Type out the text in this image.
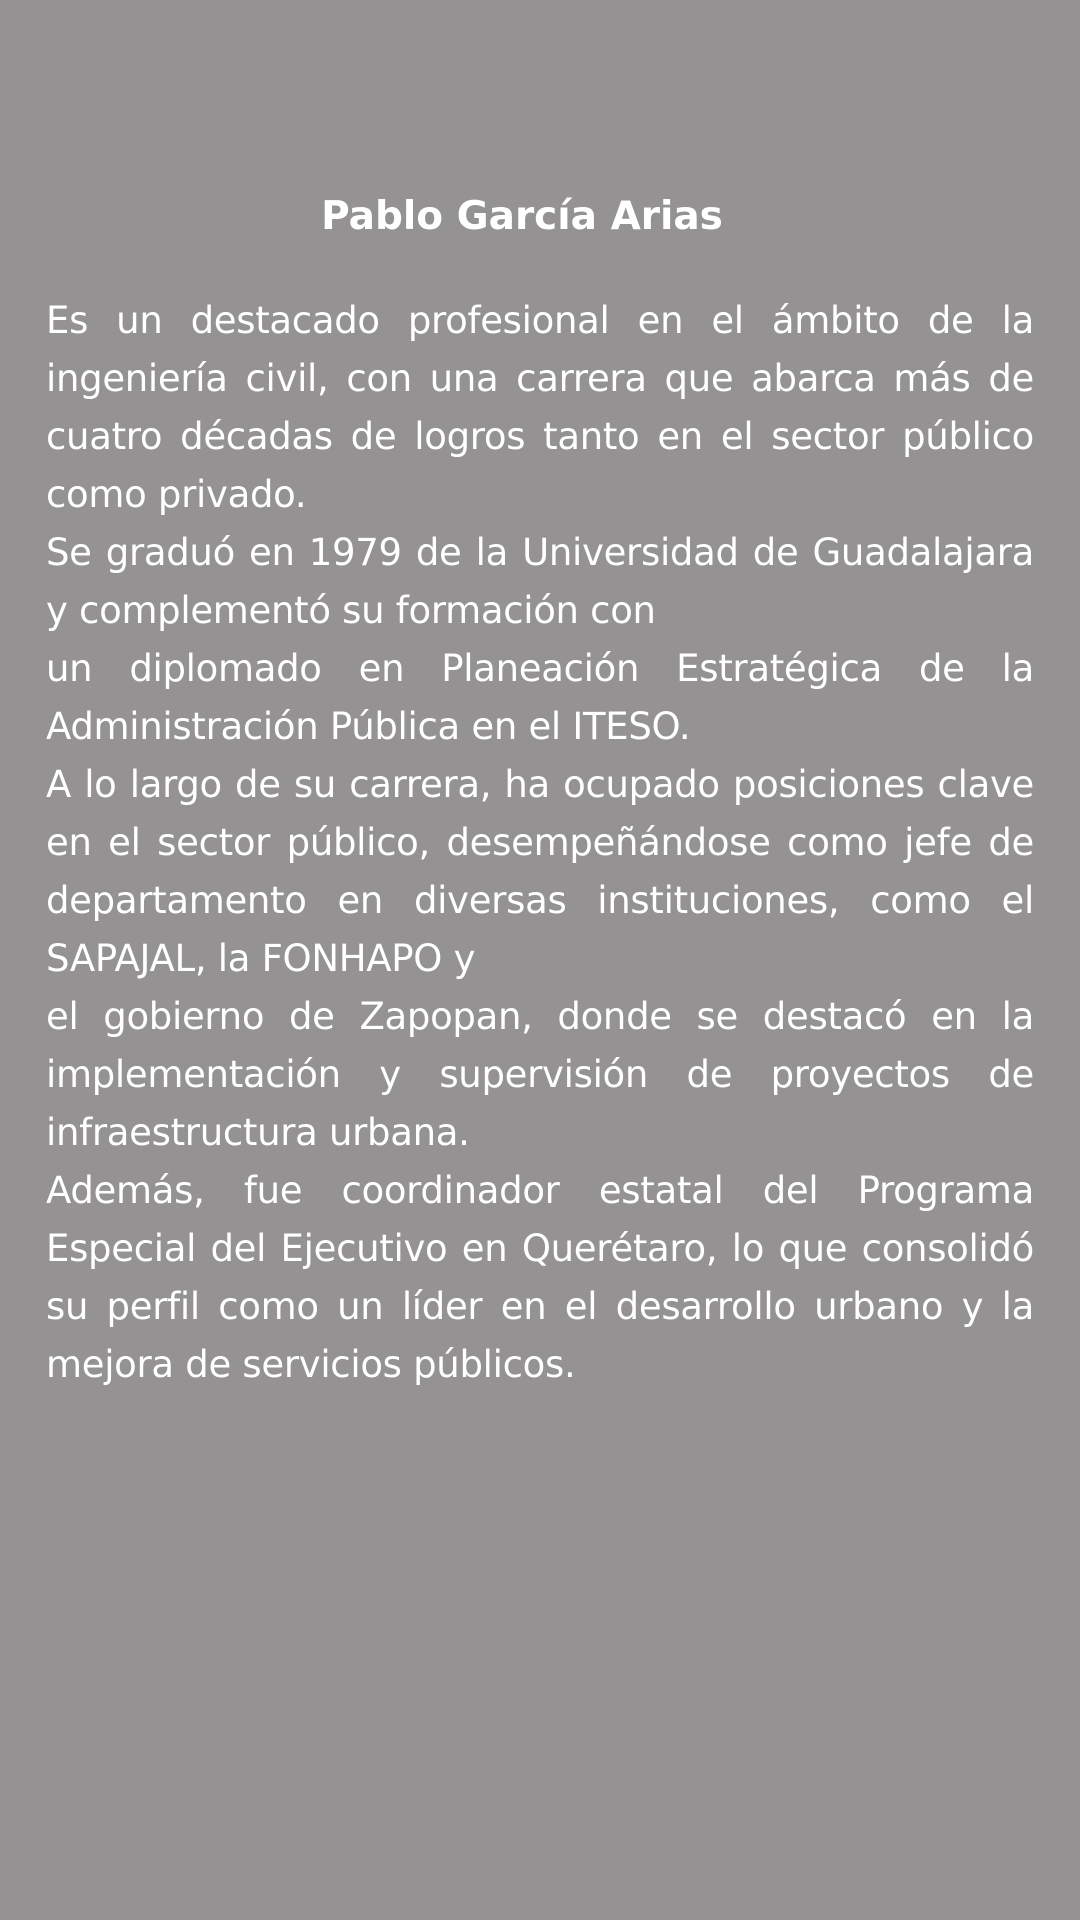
Pablo García Arias

Es un destacado profesional en el ámbito de la ingeniería civil, con una carrera que abarca más de cuatro décadas de logros tanto en el sector público como privado.

Se graduó en 1979 de la Universidad de Guadalajara y complementó su formación con

un diplomado en Planeación Estratégica de la Administración Pública en el ITESO.

A lo largo de su carrera, ha ocupado posiciones clave en el sector público, desempeñándose como jefe de departamento en diversas instituciones, como el SAPAJAL, la FONHAPO y

el gobierno de Zapopan, donde se destacó en la implementación y supervisión de proyectos de infraestructura urbana.

Además, fue coordinador estatal del Programa Especial del Ejecutivo en Querétaro, lo que consolidó su perfil como un líder en el desarrollo urbano y la mejora de servicios públicos.
